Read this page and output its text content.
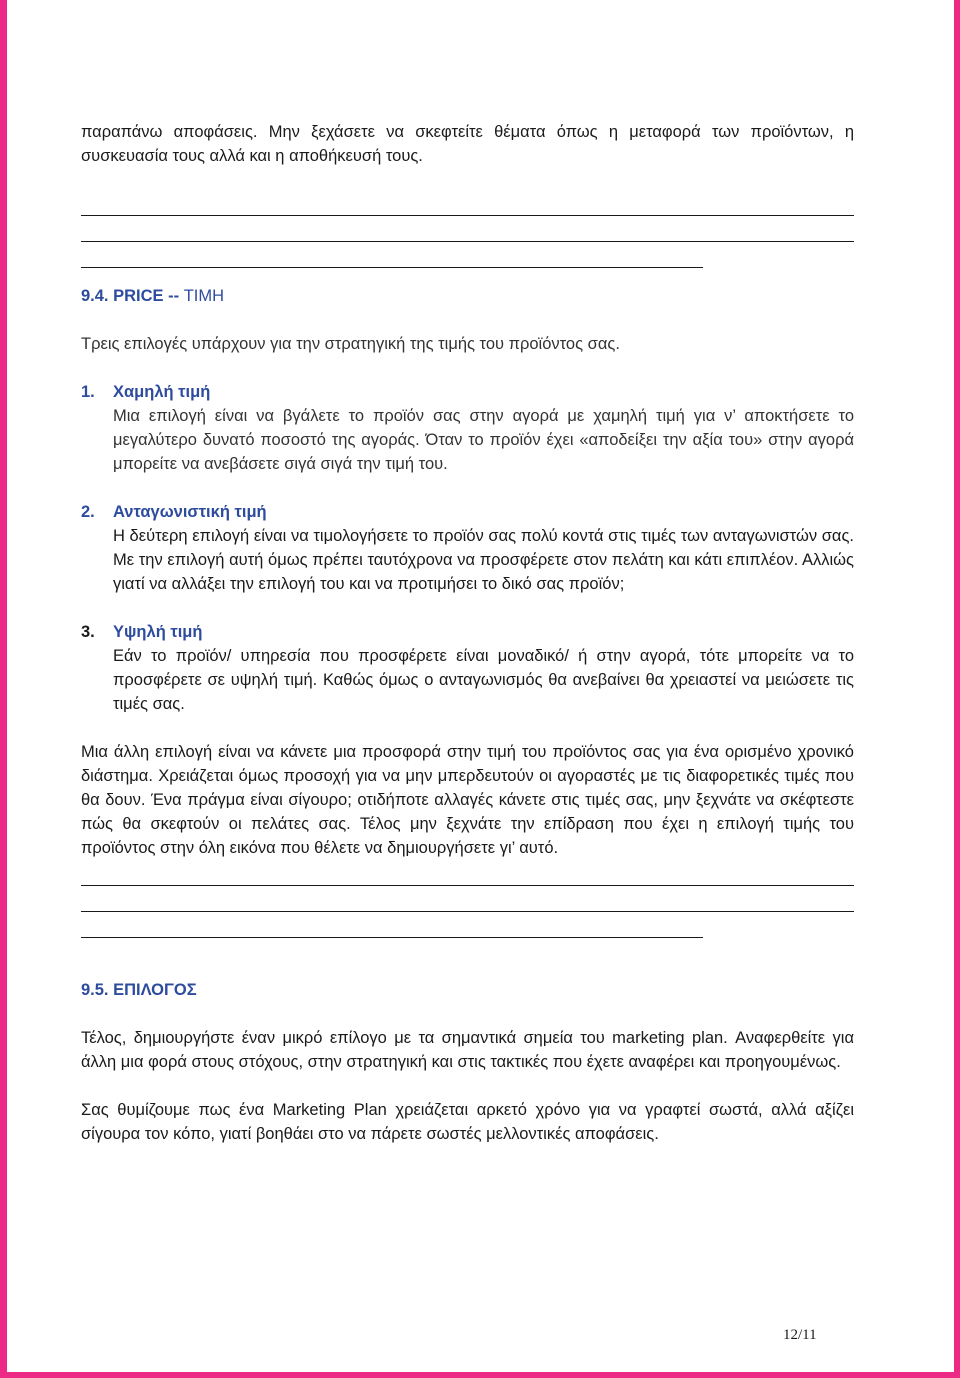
παραπάνω αποφάσεις. Μην ξεχάσετε να σκεφτείτε θέματα όπως η μεταφορά των προϊόντων, η συσκευασία τους αλλά και η αποθήκευσή τους.

9.4. PRICE -- ΤΙΜΗ

Τρεις επιλογές υπάρχουν για την στρατηγική της τιμής του προϊόντος σας.

1. Χαμηλή τιμή

Μια επιλογή είναι να βγάλετε το προϊόν σας στην αγορά με χαμηλή τιμή για ν’ αποκτήσετε το μεγαλύτερο δυνατό ποσοστό της αγοράς. Όταν το προϊόν έχει «αποδείξει την αξία του» στην αγορά μπορείτε να ανεβάσετε σιγά σιγά την τιμή του.

2. Ανταγωνιστική τιμή

Η δεύτερη επιλογή είναι να τιμολογήσετε το προϊόν σας πολύ κοντά στις τιμές των ανταγωνιστών σας. Με την επιλογή αυτή όμως πρέπει ταυτόχρονα να προσφέρετε στον πελάτη και κάτι επιπλέον. Αλλιώς γιατί να αλλάξει την επιλογή του και να προτιμήσει το δικό σας προϊόν;

3. Υψηλή τιμή

Εάν το προϊόν/ υπηρεσία που προσφέρετε είναι μοναδικό/ ή στην αγορά, τότε μπορείτε να το προσφέρετε σε υψηλή τιμή. Καθώς όμως ο ανταγωνισμός θα ανεβαίνει θα χρειαστεί να μειώσετε τις τιμές σας.

Μια άλλη επιλογή είναι να κάνετε μια προσφορά στην τιμή του προϊόντος σας για ένα ορισμένο χρονικό διάστημα. Χρειάζεται όμως προσοχή για να μην μπερδευτούν οι αγοραστές με τις διαφορετικές τιμές που θα δουν. Ένα πράγμα είναι σίγουρο; οτιδήποτε αλλαγές κάνετε στις τιμές σας, μην ξεχνάτε να σκέφτεστε πώς θα σκεφτούν οι πελάτες σας. Τέλος μην ξεχνάτε την επίδραση που έχει η επιλογή τιμής του προϊόντος στην όλη εικόνα που θέλετε να δημιουργήσετε γι’ αυτό.

9.5. ΕΠΙΛΟΓΟΣ

Τέλος, δημιουργήστε έναν μικρό επίλογο με τα σημαντικά σημεία του marketing plan. Αναφερθείτε για άλλη μια φορά στους στόχους, στην στρατηγική και στις τακτικές που έχετε αναφέρει και προηγουμένως.

Σας θυμίζουμε πως ένα Marketing Plan χρειάζεται αρκετό χρόνο για να γραφτεί σωστά, αλλά αξίζει σίγουρα τον κόπο, γιατί βοηθάει στο να πάρετε σωστές μελλοντικές αποφάσεις.

12/11
